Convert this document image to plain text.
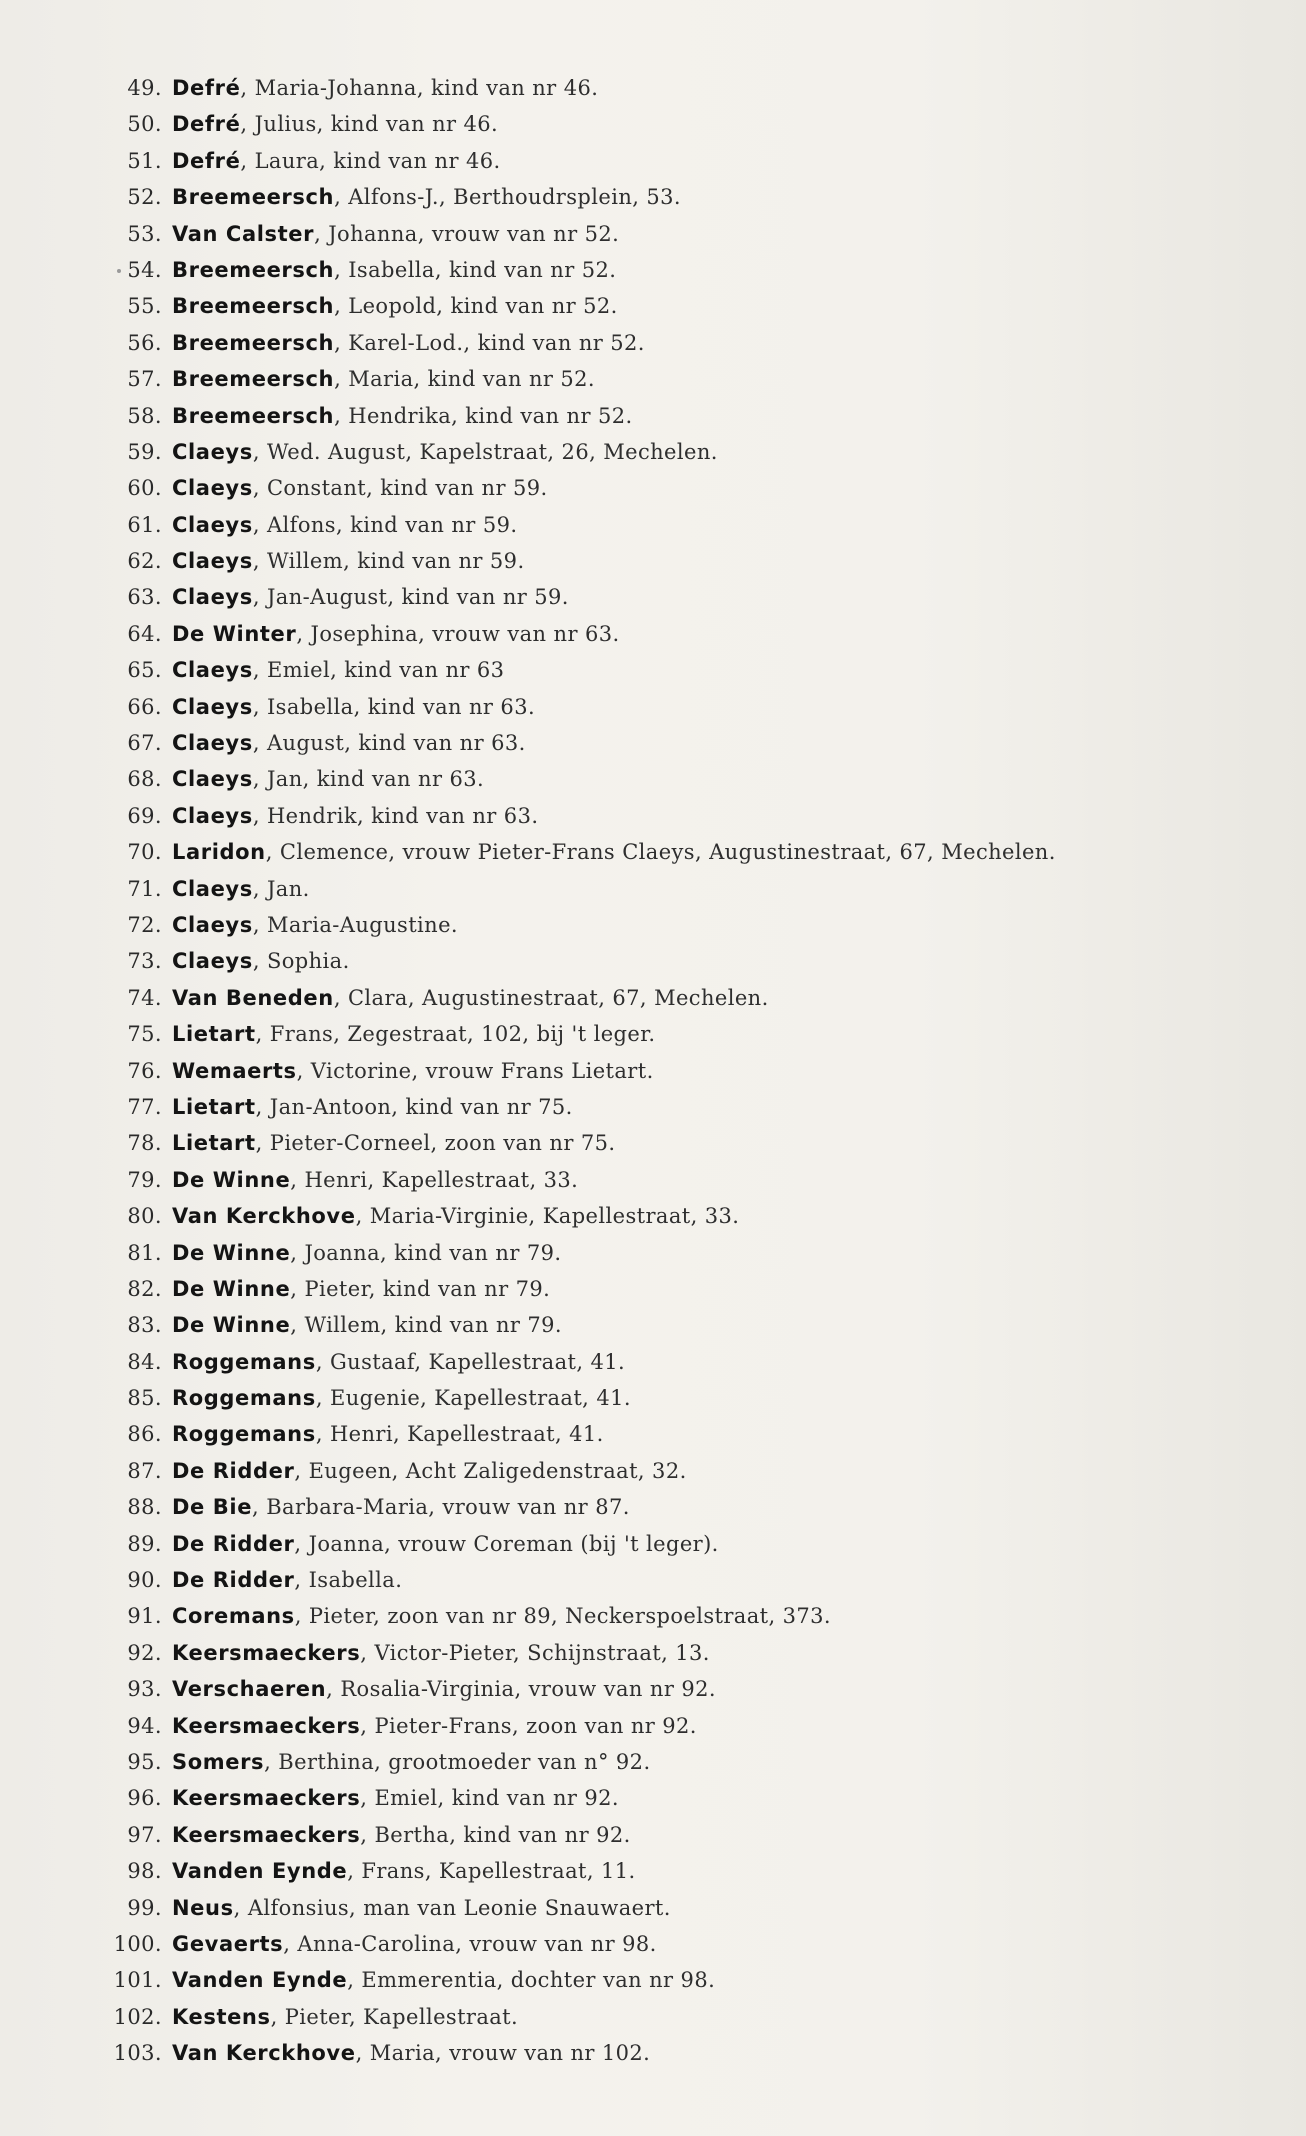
49. Defré , Maria-Johanna, kind van nr 46.
50. Defré , Julius, kind van nr 46.
51. Defré , Laura, kind van nr 46.
52. Breemeersch , Alfons-J., Berthoudrsplein, 53.
53. Van Calster , Johanna, vrouw van nr 52.
54. Breemeersch , Isabella, kind van nr 52.
55. Breemeersch , Leopold, kind van nr 52.
56. Breemeersch , Karel-Lod., kind van nr 52.
57. Breemeersch , Maria, kind van nr 52.
58. Breemeersch , Hendrika, kind van nr 52.
59. Claeys , Wed. August, Kapelstraat, 26, Mechelen.
60. Claeys , Constant, kind van nr 59.
61. Claeys , Alfons, kind van nr 59.
62. Claeys , Willem, kind van nr 59.
63. Claeys , Jan-August, kind van nr 59.
64. De Winter , Josephina, vrouw van nr 63.
65. Claeys , Emiel, kind van nr 63
66. Claeys , Isabella, kind van nr 63.
67. Claeys , August, kind van nr 63.
68. Claeys , Jan, kind van nr 63.
69. Claeys , Hendrik, kind van nr 63.
70. Laridon , Clemence, vrouw Pieter-Frans Claeys, Augustinestraat, 67, Mechelen.
71. Claeys , Jan.
72. Claeys , Maria-Augustine.
73. Claeys , Sophia.
74. Van Beneden , Clara, Augustinestraat, 67, Mechelen.
75. Lietart , Frans, Zegestraat, 102, bij 't leger.
76. Wemaerts , Victorine, vrouw Frans Lietart.
77. Lietart , Jan-Antoon, kind van nr 75.
78. Lietart , Pieter-Corneel, zoon van nr 75.
79. De Winne , Henri, Kapellestraat, 33.
80. Van Kerckhove , Maria-Virginie, Kapellestraat, 33.
81. De Winne , Joanna, kind van nr 79.
82. De Winne , Pieter, kind van nr 79.
83. De Winne , Willem, kind van nr 79.
84. Roggemans , Gustaaf, Kapellestraat, 41.
85. Roggemans , Eugenie, Kapellestraat, 41.
86. Roggemans , Henri, Kapellestraat, 41.
87. De Ridder , Eugeen, Acht Zaligedenstraat, 32.
88. De Bie , Barbara-Maria, vrouw van nr 87.
89. De Ridder , Joanna, vrouw Coreman (bij 't leger).
90. De Ridder , Isabella.
91. Coremans , Pieter, zoon van nr 89, Neckerspoelstraat, 373.
92. Keersmaeckers , Victor-Pieter, Schijnstraat, 13.
93. Verschaeren , Rosalia-Virginia, vrouw van nr 92.
94. Keersmaeckers , Pieter-Frans, zoon van nr 92.
95. Somers , Berthina, grootmoeder van n° 92.
96. Keersmaeckers , Emiel, kind van nr 92.
97. Keersmaeckers , Bertha, kind van nr 92.
98. Vanden Eynde , Frans, Kapellestraat, 11.
99. Neus , Alfonsius, man van Leonie Snauwaert.
100. Gevaerts , Anna-Carolina, vrouw van nr 98.
101. Vanden Eynde , Emmerentia, dochter van nr 98.
102. Kestens , Pieter, Kapellestraat.
103. Van Kerckhove , Maria, vrouw van nr 102.
